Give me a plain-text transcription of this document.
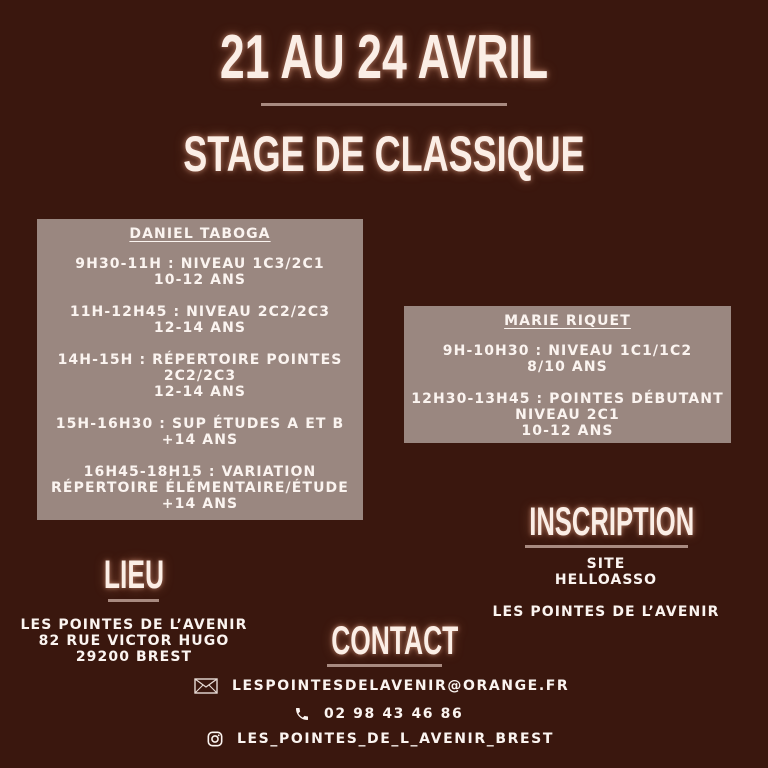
21 AU 24 AVRIL
STAGE DE CLASSIQUE
DANIEL TABOGA
9H30-11H : NIVEAU 1C3/2C1
10-12 ANS
11H-12H45 : NIVEAU 2C2/2C3
12-14 ANS
14H-15H : RÉPERTOIRE POINTES
2C2/2C3
12-14 ANS
15H-16H30 : SUP ÉTUDES A ET B
+14 ANS
16H45-18H15 : VARIATION
RÉPERTOIRE ÉLÉMENTAIRE/ÉTUDE
+14 ANS
MARIE RIQUET
9H-10H30 : NIVEAU 1C1/1C2
8/10 ANS
12H30-13H45 : POINTES DÉBUTANT
NIVEAU 2C1
10-12 ANS
INSCRIPTION
SITE
HELLOASSO
LES POINTES DE L’AVENIR
LIEU
LES POINTES DE L’AVENIR
82 RUE VICTOR HUGO
29200 BREST	CONTACT
LESPOINTESDELAVENIR@ORANGE.FR
02 98 43 46 86
LES_POINTES_DE_L_AVENIR_BREST
